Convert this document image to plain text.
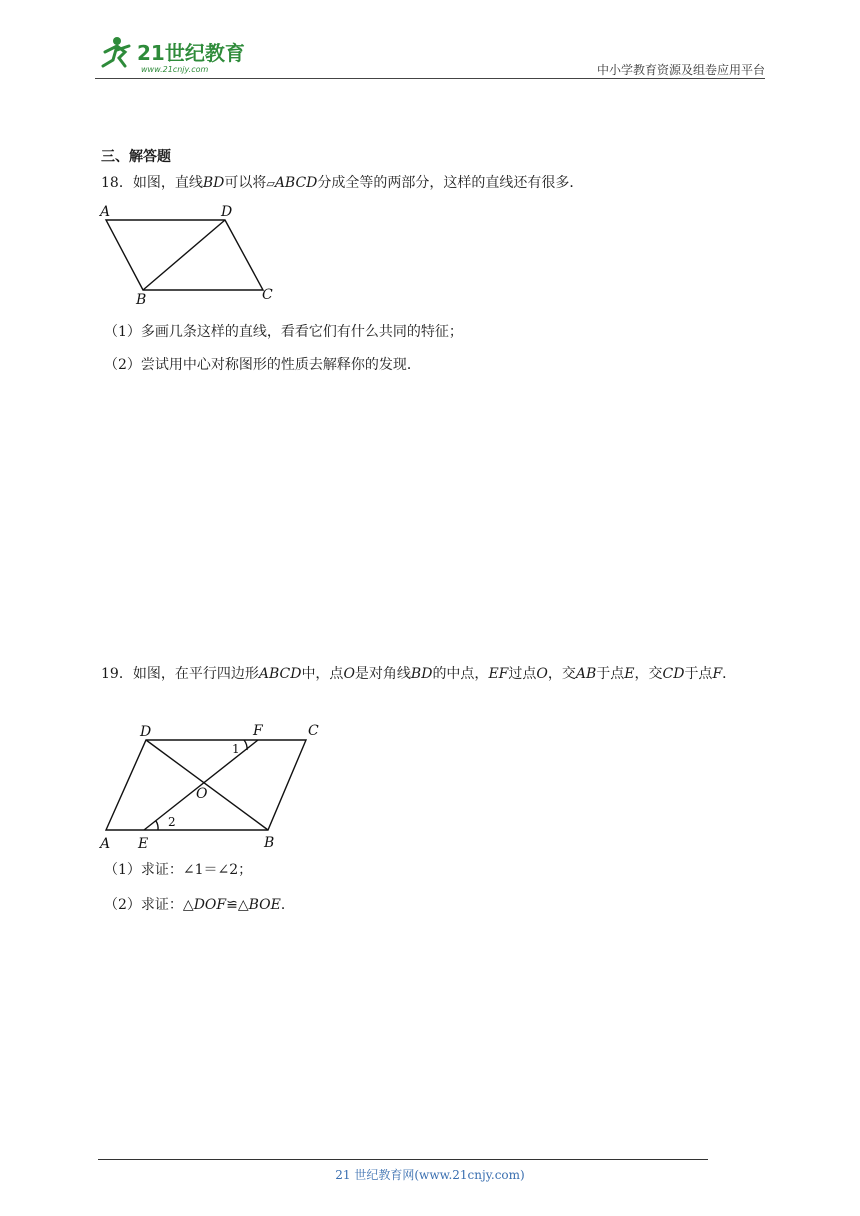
21世纪教育
www.21cnjy.com	中小学教育资源及组卷应用平台
三、解答题
18．如图，直线BD可以将▱ABCD分成全等的两部分，这样的直线还有很多．
A	D
B	C
（1）多画几条这样的直线，看看它们有什么共同的特征；
（2）尝试用中心对称图形的性质去解释你的发现．
19．如图，在平行四边形ABCD中，点O是对角线BD的中点，EF过点O，交AB于点E，交CD于点F．
D	F	C
O
A E	B
1
2
（1）求证：∠1＝∠2；
（2）求证：△DOF≌△BOE．
21 世纪教育网(www.21cnjy.com)
